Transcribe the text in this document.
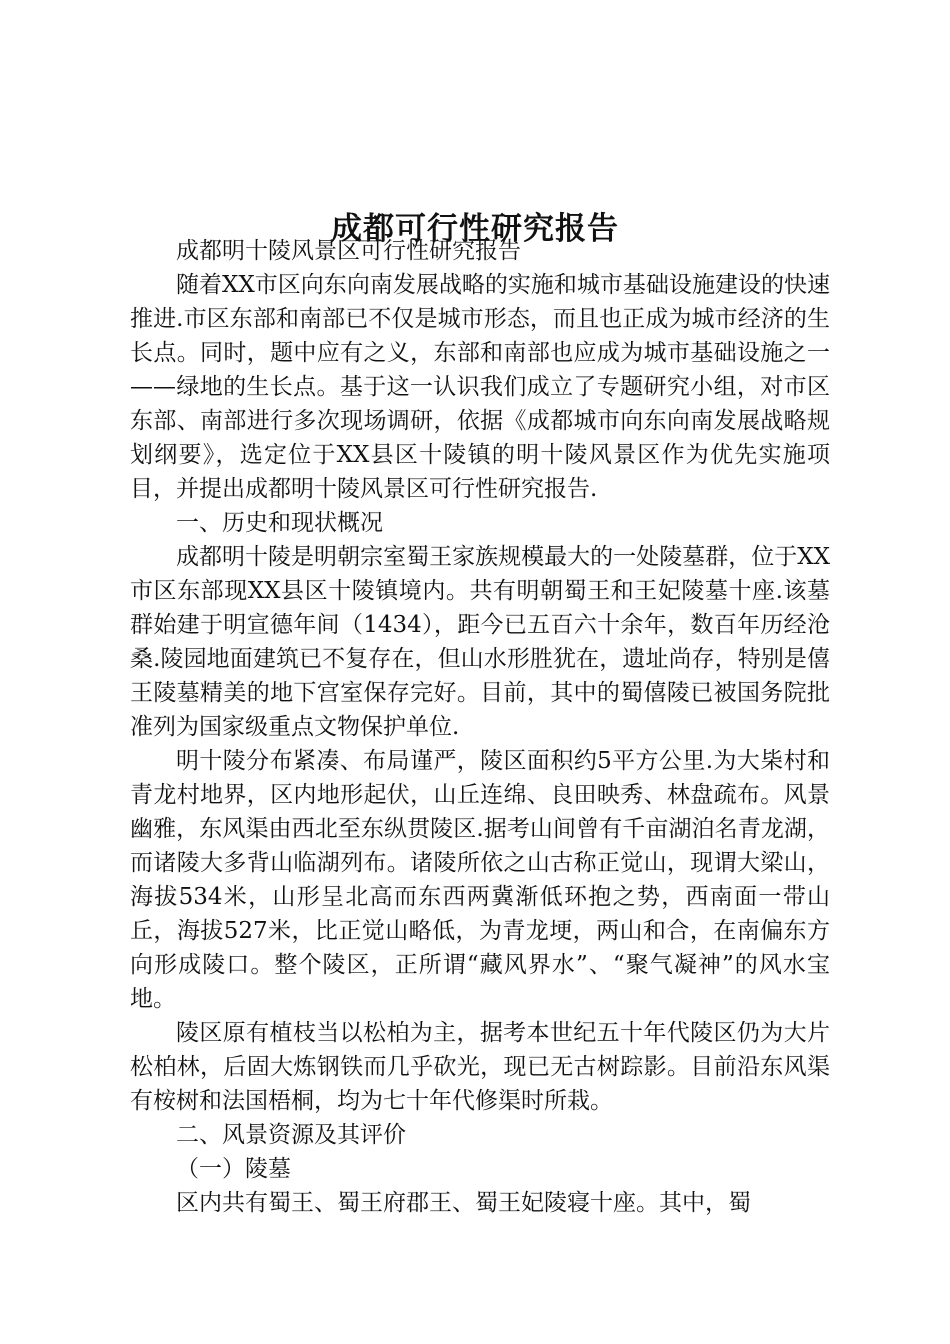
成都可行性研究报告

成都明十陵风景区可行性研究报告

随着XX市区向东向南发展战略的实施和城市基础设施建设的快速推进.市区东部和南部已不仅是城市形态，而且也正成为城市经济的生长点。同时，题中应有之义，东部和南部也应成为城市基础设施之一——绿地的生长点。基于这一认识我们成立了专题研究小组，对市区东部、南部进行多次现场调研，依据《成都城市向东向南发展战略规划纲要》，选定位于XX县区十陵镇的明十陵风景区作为优先实施项目，并提出成都明十陵风景区可行性研究报告.

一、历史和现状概况

成都明十陵是明朝宗室蜀王家族规模最大的一处陵墓群，位于XX市区东部现XX县区十陵镇境内。共有明朝蜀王和王妃陵墓十座.该墓群始建于明宣德年间（1434），距今已五百六十余年，数百年历经沧桑.陵园地面建筑已不复存在，但山水形胜犹在，遗址尚存，特别是僖王陵墓精美的地下宫室保存完好。目前，其中的蜀僖陵已被国务院批准列为国家级重点文物保护单位.

明十陵分布紧凑、布局谨严，陵区面积约5平方公里.为大枈村和青龙村地界，区内地形起伏，山丘连绵、良田映秀、林盘疏布。风景幽雅，东风渠由西北至东纵贯陵区.据考山间曾有千亩湖泊名青龙湖，而诸陵大多背山临湖列布。诸陵所依之山古称正觉山，现谓大梁山，海拔534米，山形呈北高而东西两冀渐低环抱之势，西南面一带山丘，海拔527米，比正觉山略低，为青龙埂，两山和合，在南偏东方向形成陵口。整个陵区，正所谓“藏风界水”、“聚气凝神”的风水宝地。

陵区原有植枝当以松柏为主，据考本世纪五十年代陵区仍为大片松柏林，后固大炼钢铁而几乎砍光，现已无古树踪影。目前沿东风渠有桉树和法国梧桐，均为七十年代修渠时所栽。

二、风景资源及其评价

（一）陵墓

区内共有蜀王、蜀王府郡王、蜀王妃陵寝十座。其中，蜀
